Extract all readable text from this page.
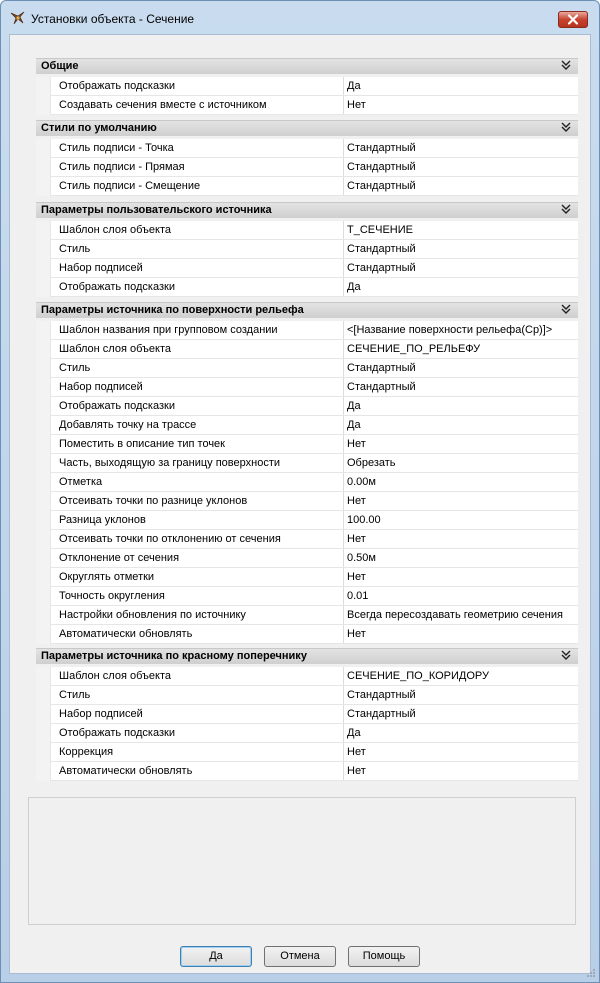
Установки объекта - Сечение
Общие
Отображать подсказки	Да
Создавать сечения вместе с источником	Нет
Стили по умолчанию
Стиль подписи - Точка	Стандартный
Стиль подписи - Прямая	Стандартный
Стиль подписи - Смещение	Стандартный
Параметры пользовательского источника
Шаблон слоя объекта	Т_СЕЧЕНИЕ
Стиль	Стандартный
Набор подписей	Стандартный
Отображать подсказки	Да
Параметры источника по поверхности рельефа
Шаблон названия при групповом создании	<[Название поверхности рельефа(Ср)]>
Шаблон слоя объекта	СЕЧЕНИЕ_ПО_РЕЛЬЕФУ
Стиль	Стандартный
Набор подписей	Стандартный
Отображать подсказки	Да
Добавлять точку на трассе	Да
Поместить в описание тип точек	Нет
Часть, выходящую за границу поверхности	Обрезать
Отметка	0.00м
Отсеивать точки по разнице уклонов	Нет
Разница уклонов	100.00
Отсеивать точки по отклонению от сечения	Нет
Отклонение от сечения	0.50м
Округлять отметки	Нет
Точность округления	0.01
Настройки обновления по источнику	Всегда пересоздавать геометрию сечения
Автоматически обновлять	Нет
Параметры источника по красному поперечнику
Шаблон слоя объекта	СЕЧЕНИЕ_ПО_КОРИДОРУ
Стиль	Стандартный
Набор подписей	Стандартный
Отображать подсказки	Да
Коррекция	Нет
Автоматически обновлять	Нет
Да	Отмена	Помощь
